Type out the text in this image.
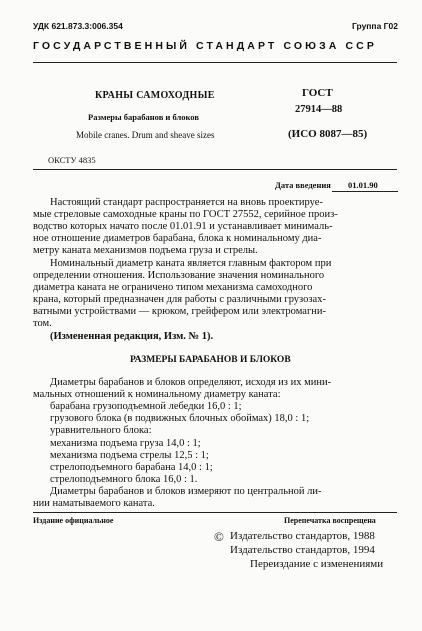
УДК 621.873.3:006.354	Группа Г02
ГОСУДАРСТВЕННЫЙ СТАНДАРТ СОЮЗА ССР
КРАНЫ САМОХОДНЫЕ
Размеры барабанов и блоков
Mobile cranes. Drum and sheave sizes
ГОСТ
27914—88
(ИСО 8087—85)
ОКСТУ 4835
Дата введения 01.01.90
Настоящий стандарт распространяется на вновь проектируе-
мые стреловые самоходные краны по ГОСТ 27552, серийное произ-
водство которых начато после 01.01.91 и устанавливает минималь-
ное отношение диаметров барабана, блока к номинальному диа-
метру каната механизмов подъема груза и стрелы.
Номинальный диаметр каната является главным фактором при
определении отношения. Использование значения номинального
диаметра каната не ограничено типом механизма самоходного
крана, который предназначен для работы с различными грузозах-
ватными устройствами — крюком, грейфером или электромагни-
том.
(Измененная редакция, Изм. № 1).
РАЗМЕРЫ БАРАБАНОВ И БЛОКОВ
Диаметры барабанов и блоков определяют, исходя из их мини-
мальных отношений к номинальному диаметру каната:
барабана грузоподъемной лебедки 16,0 : 1;
грузового блока (в подвижных блочных обоймах) 18,0 : 1;
уравнительного блока:
механизма подъема груза 14,0 : 1;
механизма подъема стрелы 12,5 : 1;
стрелоподъемного барабана 14,0 : 1;
стрелоподъемного блока 16,0 : 1.
Диаметры барабанов и блоков измеряют по центральной ли-
нии наматываемого каната.
Издание официальное	Перепечатка воспрещена
© Издательство стандартов, 1988
Издательство стандартов, 1994
Переиздание с изменениями
